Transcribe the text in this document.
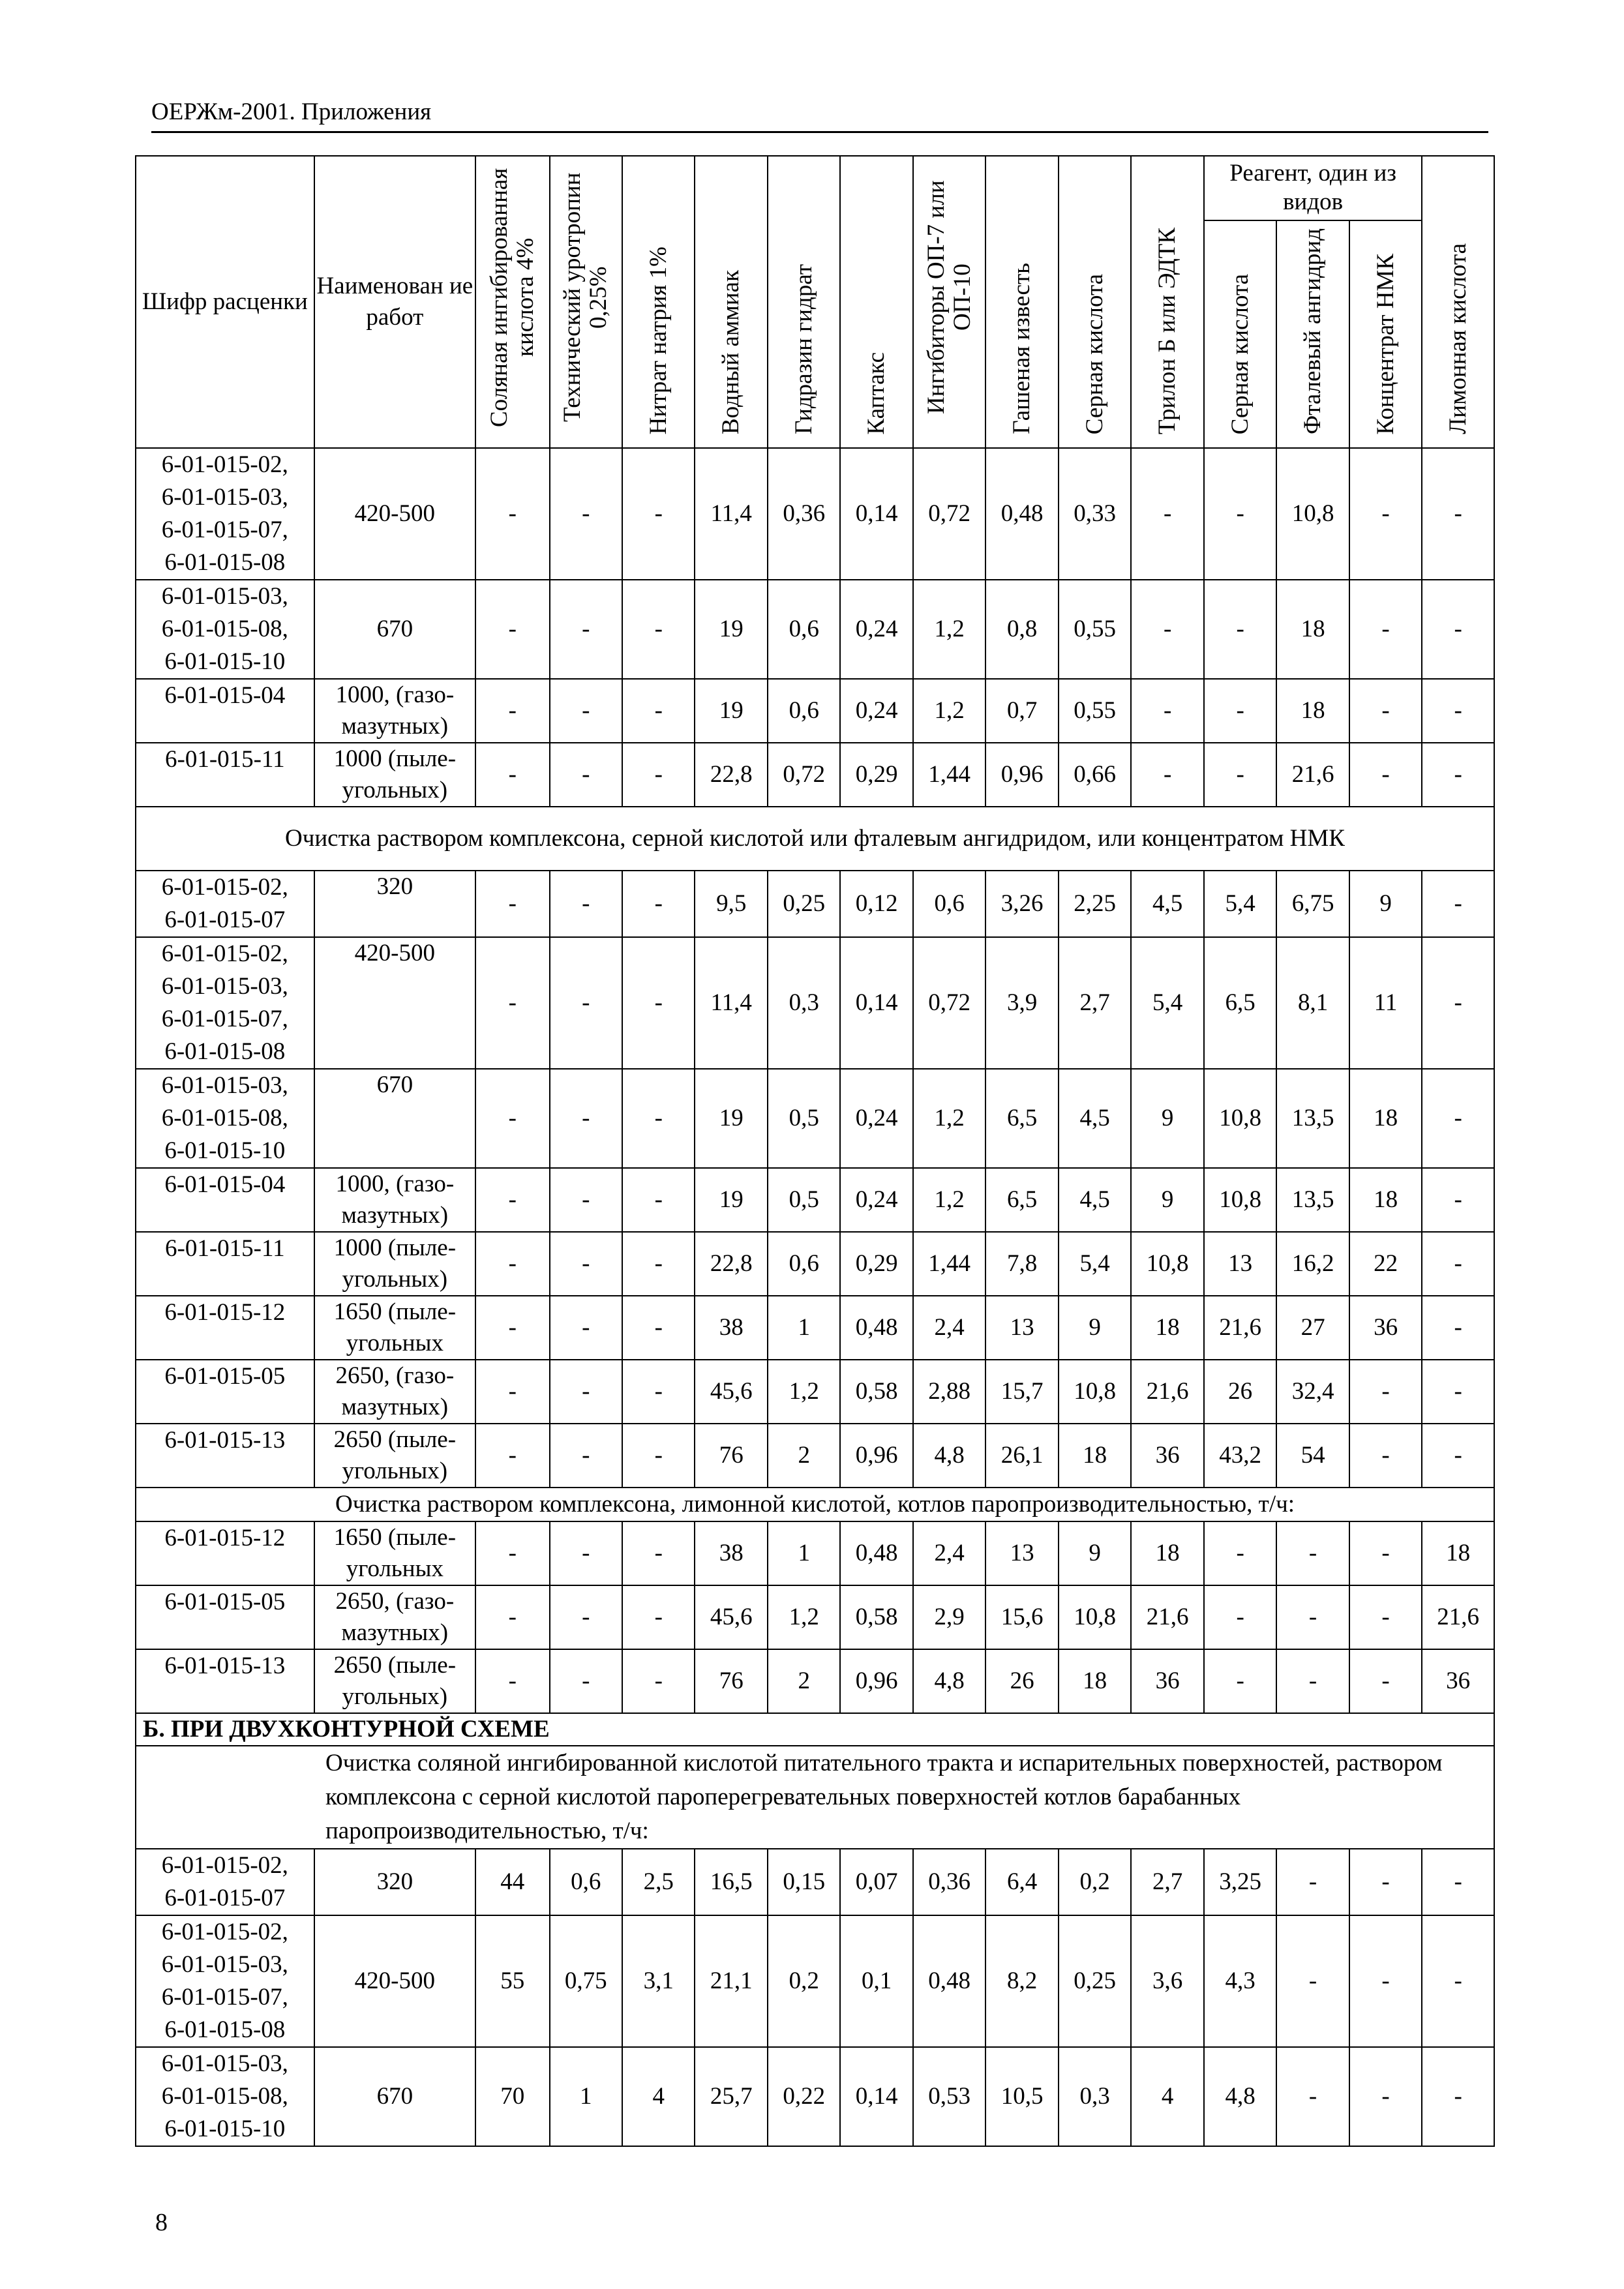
ОЕРЖм-2001. Приложения
Шифр расценки	Наименован ие работ	Соляная ингибированная кислота 4%	Технический уротропин 0,25%	Нитрат натрия 1%	Водный аммиак	Гидразин гидрат	Каптакс	Ингибиторы ОП-7 или ОП-10	Гашеная известь	Серная кислота	Трилон Б или ЭДТК	Реагент, один из видов			Лимонная кислота
												Серная кислота	Фталевый ангидрид	Концентрат НМК	
6-01-015-02,
6-01-015-03,
6-01-015-07,
6-01-015-08	420-500	-	-	-	11,4	0,36	0,14	0,72	0,48	0,33	-	-	10,8	-	-
6-01-015-03,
6-01-015-08,
6-01-015-10	670	-	-	-	19	0,6	0,24	1,2	0,8	0,55	-	-	18	-	-
6-01-015-04	1000, (газо-
мазутных)	-	-	-	19	0,6	0,24	1,2	0,7	0,55	-	-	18	-	-
6-01-015-11	1000 (пыле-
угольных)	-	-	-	22,8	0,72	0,29	1,44	0,96	0,66	-	-	21,6	-	-
Очистка раствором комплексона, серной кислотой или фталевым ангидридом, или концентратом НМК															
6-01-015-02,
6-01-015-07	320	-	-	-	9,5	0,25	0,12	0,6	3,26	2,25	4,5	5,4	6,75	9	-
6-01-015-02,
6-01-015-03,
6-01-015-07,
6-01-015-08	420-500	-	-	-	11,4	0,3	0,14	0,72	3,9	2,7	5,4	6,5	8,1	11	-
6-01-015-03,
6-01-015-08,
6-01-015-10	670	-	-	-	19	0,5	0,24	1,2	6,5	4,5	9	10,8	13,5	18	-
6-01-015-04	1000, (газо-
мазутных)	-	-	-	19	0,5	0,24	1,2	6,5	4,5	9	10,8	13,5	18	-
6-01-015-11	1000 (пыле-
угольных)	-	-	-	22,8	0,6	0,29	1,44	7,8	5,4	10,8	13	16,2	22	-
6-01-015-12	1650 (пыле-
угольных	-	-	-	38	1	0,48	2,4	13	9	18	21,6	27	36	-
6-01-015-05	2650, (газо-
мазутных)	-	-	-	45,6	1,2	0,58	2,88	15,7	10,8	21,6	26	32,4	-	-
6-01-015-13	2650 (пыле-
угольных)	-	-	-	76	2	0,96	4,8	26,1	18	36	43,2	54	-	-
Очистка раствором комплексона, лимонной кислотой, котлов паропроизводительностью, т/ч:															
6-01-015-12	1650 (пыле-
угольных	-	-	-	38	1	0,48	2,4	13	9	18	-	-	-	18
6-01-015-05	2650, (газо-
мазутных)	-	-	-	45,6	1,2	0,58	2,9	15,6	10,8	21,6	-	-	-	21,6
6-01-015-13	2650 (пыле-
угольных)	-	-	-	76	2	0,96	4,8	26	18	36	-	-	-	36
Б. ПРИ ДВУХКОНТУРНОЙ СХЕМЕ															
Очистка соляной ингибированной кислотой питательного тракта и испарительных поверхностей, раствором комплексона с серной кислотой пароперегревательных поверхностей котлов барабанных паропроизводительностью, т/ч:															
6-01-015-02,
6-01-015-07	320	44	0,6	2,5	16,5	0,15	0,07	0,36	6,4	0,2	2,7	3,25	-	-	-
6-01-015-02,
6-01-015-03,
6-01-015-07,
6-01-015-08	420-500	55	0,75	3,1	21,1	0,2	0,1	0,48	8,2	0,25	3,6	4,3	-	-	-
6-01-015-03,
6-01-015-08,
6-01-015-10	670	70	1	4	25,7	0,22	0,14	0,53	10,5	0,3	4	4,8	-	-	-
8
